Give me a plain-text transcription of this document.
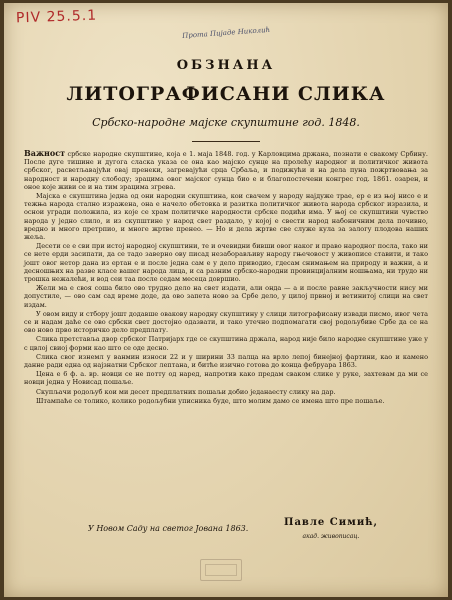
PIV 25.5.1
Прота Пијаде Николић
ОБЗНАНА
ЛИТОГРАФИСАНИ СЛИКА
Србско-народне мајске скупштине год. 1848.

Важност србске народне скупштине, која е 1. маја 1848. год. у Карловцима држана, познати е свакому Србину. После дуге тишине и дугога сласка указа се она као мајско сунце на пролећу народног и политичког живота србског, расветљавајући овај пренеки, загревајући срца Србаља, и подижући и на дела пуна пожртвовања за народност и народну слободу; зрацима овог мајског сунца био е и благопостечени конгрес год. 1861. озарен, и оное које живи се и на тим зрацима згрева.

Мајска е скупштина једна од они народни скупштина, кои свачем у народу најдуже трае, ер е из њој нисо е и тежња народа стално изражена, она е начело обетовка и разитка политичког живота народа србског изразила, и оснои угради положила, из које се храм политичке народности србске подићи има. У њој се скупштини чувство народа у једно слило, и из скупштине у народ свет раздало, у којој е свести народ набоничним дела почивно, вредно и много претрпио, и многе жртве пренео. — Но и дела жртве све служе кула за залогу плодова наших жеља.

Десети се е сви при истој народној скупштини, те и очевидни бивши овог наког и право народног посла, тако ни се нете ерди засипати, да се тадо заверно ову писад незаборављиву народу гњечовост у живописе ставити, и тако јошт овог нетор дана из ертан е и после једна сам е у дело приводио, гдесам снимањем на природу и важни, а и десношњих на разве класе вашег народа лица, и са разним србско-народни провинцијалним ношњама, ни трудо ни трошка нежалећи, и вод сеи таа после седам месеца довршио.

Жели ма е своя соша било ово трудно дело на свет издати, али онда — а и после равне закључности нису ми допустиле, — ово сам сад време доде, да ово запета ново за Србе дело, у цилој првној и ветинитој слици на свет издам.

У овом виду и стбору јошт додавше овакову народну скупштину у слици литографисану извади писмо, ивог чета се и надам даће се ово србски свет достојно одазвати, и тако утечно подпомагати свој родољубиве Србе да се на ово ново прво историчко дело предплату.

Слика претставља двор србског Патријарх где се скупштина држала, народ није било народне скупштине уже у с цвлој свиој форми као што се оде десно.

Слика свог изнемл у ванмин износи 22 и у ширини 33 палца на врло лепој бинејној фартини, као и камено данне ради една од најзнатни Србског лептана, и битће изично готова до конца фебруара 1863.

Цена е 6 ф. а. вр. новци се не потту од наред, напротив како предам сваком слике у руке, захтевам да ми се новци једна у Новисад пошаље.

Скупљачи родољуб кои ми десет предплатних пошаљи добио једанаесту слику на дар.

Штампаће се толико, колико родољубни уписника буде, што молим дамо се имена што пре пошаље.

У Новом Саду на светог Јована 1863.
Павле Симић,
акад. живописац.
